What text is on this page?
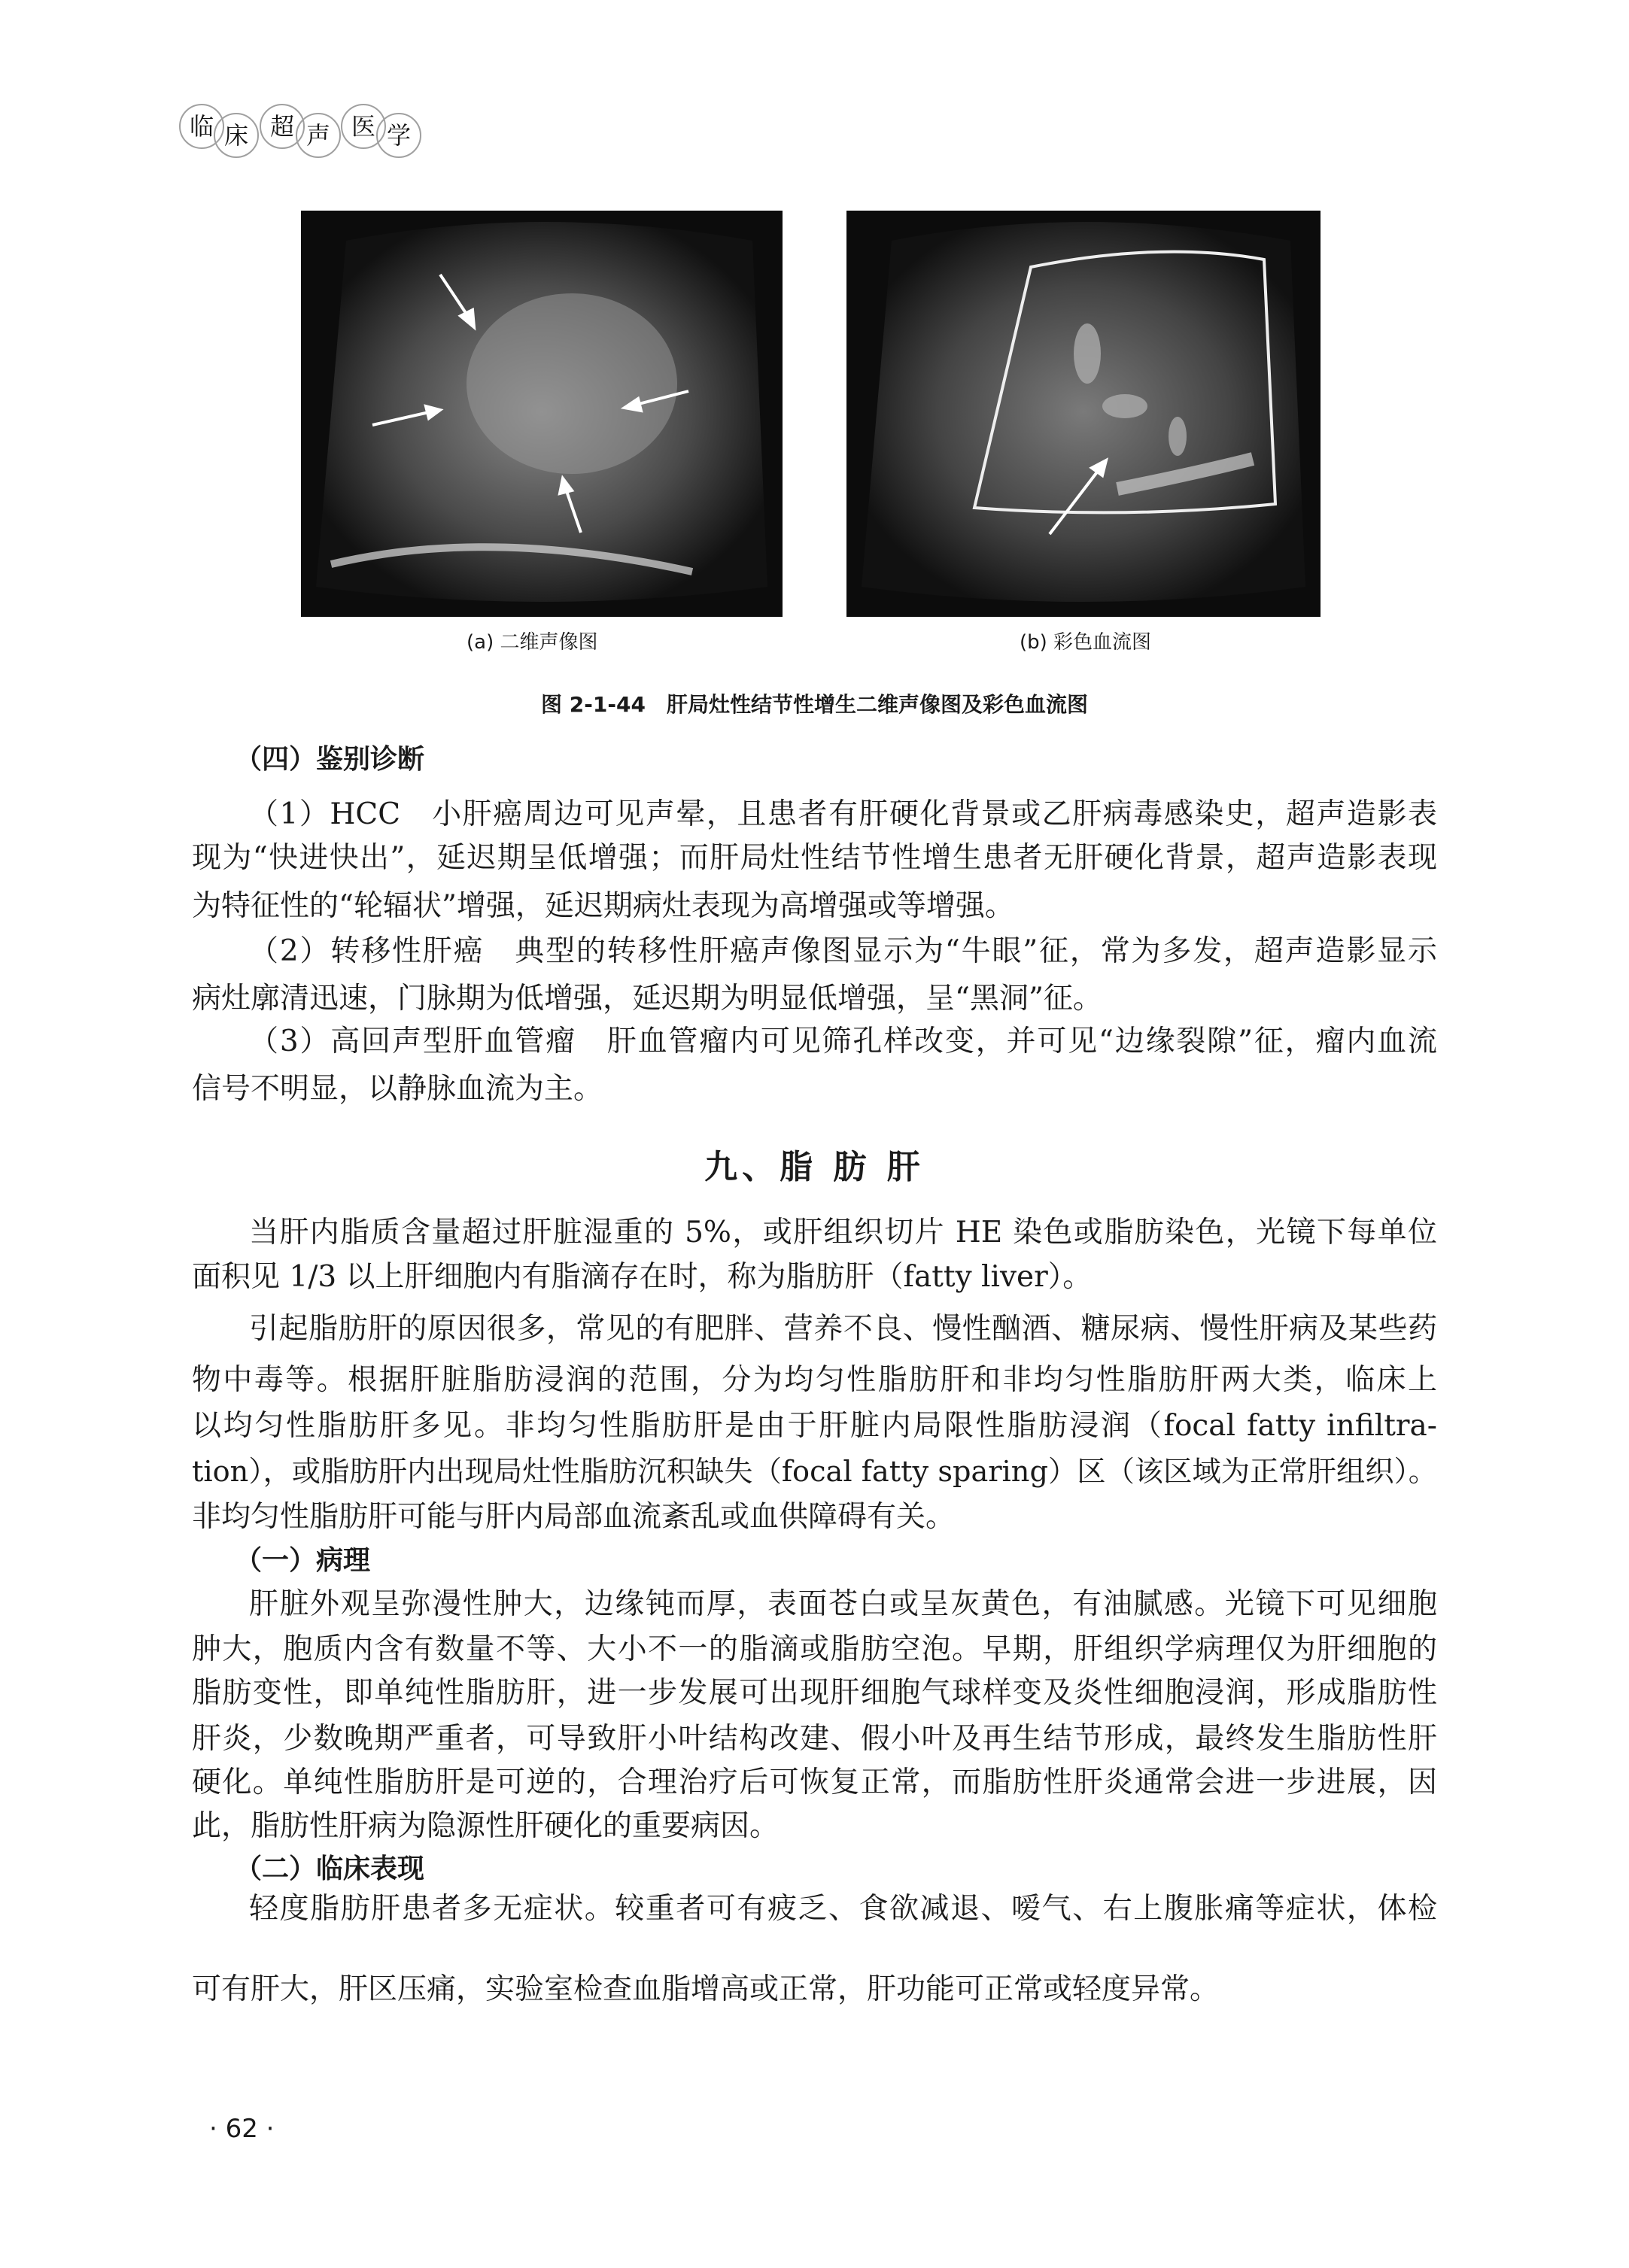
临 床 超 声 医 学
(a) 二维声像图	(b) 彩色血流图
图 2-1-44　肝局灶性结节性增生二维声像图及彩色血流图
九、脂 肪 肝
（四）鉴别诊断
（1）HCC　小肝癌周边可见声晕，且患者有肝硬化背景或乙肝病毒感染史，超声造影表
现为“快进快出”，延迟期呈低增强；而肝局灶性结节性增生患者无肝硬化背景，超声造影表现
为特征性的“轮辐状”增强，延迟期病灶表现为高增强或等增强。
（2）转移性肝癌　典型的转移性肝癌声像图显示为“牛眼”征，常为多发，超声造影显示
病灶廓清迅速，门脉期为低增强，延迟期为明显低增强，呈“黑洞”征。
（3）高回声型肝血管瘤　肝血管瘤内可见筛孔样改变，并可见“边缘裂隙”征，瘤内血流
信号不明显，以静脉血流为主。
当肝内脂质含量超过肝脏湿重的 5%，或肝组织切片 HE 染色或脂肪染色，光镜下每单位
面积见 1/3 以上肝细胞内有脂滴存在时，称为脂肪肝（fatty liver）。
引起脂肪肝的原因很多，常见的有肥胖、营养不良、慢性酗酒、糖尿病、慢性肝病及某些药
物中毒等。根据肝脏脂肪浸润的范围，分为均匀性脂肪肝和非均匀性脂肪肝两大类，临床上
以均匀性脂肪肝多见。非均匀性脂肪肝是由于肝脏内局限性脂肪浸润（focal fatty infiltra-
tion），或脂肪肝内出现局灶性脂肪沉积缺失（focal fatty sparing）区（该区域为正常肝组织）。
非均匀性脂肪肝可能与肝内局部血流紊乱或血供障碍有关。
（一）病理
肝脏外观呈弥漫性肿大，边缘钝而厚，表面苍白或呈灰黄色，有油腻感。光镜下可见细胞
肿大，胞质内含有数量不等、大小不一的脂滴或脂肪空泡。早期，肝组织学病理仅为肝细胞的
脂肪变性，即单纯性脂肪肝，进一步发展可出现肝细胞气球样变及炎性细胞浸润，形成脂肪性
肝炎，少数晚期严重者，可导致肝小叶结构改建、假小叶及再生结节形成，最终发生脂肪性肝
硬化。单纯性脂肪肝是可逆的，合理治疗后可恢复正常，而脂肪性肝炎通常会进一步进展，因
此，脂肪性肝病为隐源性肝硬化的重要病因。
（二）临床表现
轻度脂肪肝患者多无症状。较重者可有疲乏、食欲减退、嗳气、右上腹胀痛等症状，体检
可有肝大，肝区压痛，实验室检查血脂增高或正常，肝功能可正常或轻度异常。
· 62 ·
